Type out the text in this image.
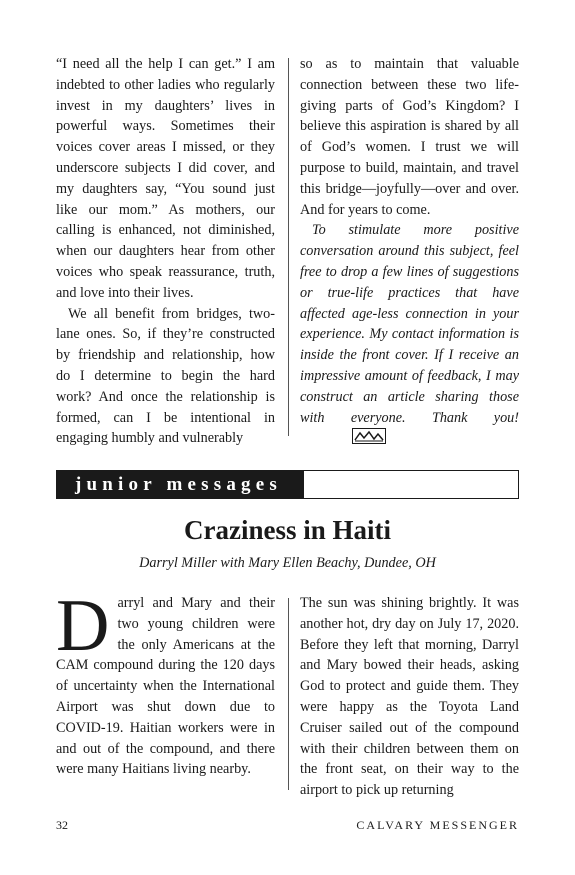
“I need all the help I can get.” I am indebted to other ladies who regularly invest in my daughters’ lives in powerful ways. Sometimes their voices cover areas I missed, or they underscore subjects I did cover, and my daughters say, “You sound just like our mom.” As mothers, our calling is enhanced, not diminished, when our daughters hear from other voices who speak reassurance, truth, and love into their lives.

We all benefit from bridges, two-lane ones. So, if they’re constructed by friendship and relationship, how do I determine to begin the hard work? And once the relationship is formed, can I be intentional in engaging humbly and vulnerably

so as to maintain that valuable connection between these two life-giving parts of God’s Kingdom? I believe this aspiration is shared by all of God’s women. I trust we will purpose to build, maintain, and travel this bridge—joyfully—over and over. And for years to come.

To stimulate more positive conversation around this subject, feel free to drop a few lines of suggestions or true-life practices that have affected age-less connection in your experience. My contact information is inside the front cover. If I receive an impressive amount of feedback, I may construct an article sharing those with everyone. Thank you!

junior messages
Craziness in Haiti
Darryl Miller with Mary Ellen Beachy, Dundee, OH

Darryl and Mary and their two young children were the only Americans at the CAM compound during the 120 days of uncertainty when the International Airport was shut down due to COVID-19. Haitian workers were in and out of the compound, and there were many Haitians living nearby.

The sun was shining brightly. It was another hot, dry day on July 17, 2020. Before they left that morning, Darryl and Mary bowed their heads, asking God to protect and guide them. They were happy as the Toyota Land Cruiser sailed out of the compound with their children between them on the front seat, on their way to the airport to pick up returning

32	CALVARY MESSENGER
